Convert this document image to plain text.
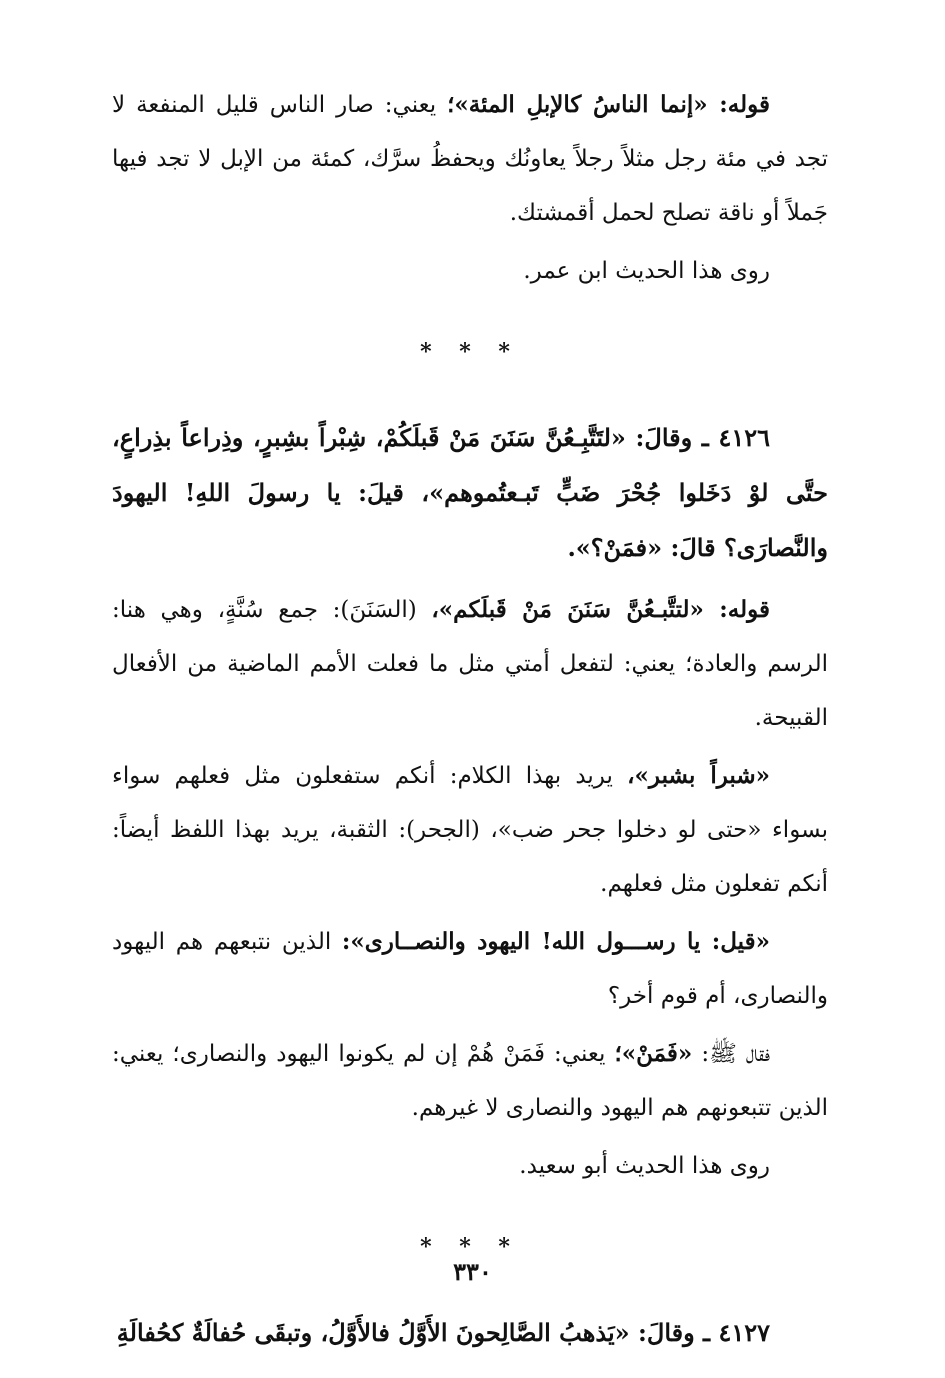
قوله: «إنما الناسُ كالإبلِ المئة»؛ يعني: صار الناس قليل المنفعة لا تجد في مئة رجل مثلاً رجلاً يعاونُك ويحفظُ سرَّك، كمئة من الإبل لا تجد فيها جَملاً أو ناقة تصلح لحمل أقمشتك.

روى هذا الحديث ابن عمر.

* * *

٤١٢٦ ـ وقالَ: «لتَتَّبِـعُنَّ سَنَنَ مَنْ قَبلَكُمْ، شِبْراً بشِبرٍ، وذِراعاً بذِراعٍ، حتَّى لوْ دَخَلوا جُحْرَ ضَبٍّ تَبـعتُموهم»، قيلَ: يا رسولَ اللهِ! اليهودَ والنَّصارَى؟ قالَ: «فمَنْ؟».

قوله: «لتتَّبـعُنَّ سَنَنَ مَنْ قَبلَكم»، (السَنَنَ): جمع سُنَّةٍ، وهي هنا: الرسم والعادة؛ يعني: لتفعل أمتي مثل ما فعلت الأمم الماضية من الأفعال القبيحة.

«شبراً بشبر»، يريد بهذا الكلام: أنكم ستفعلون مثل فعلهم سواء بسواء «حتى لو دخلوا جحر ضب»، (الجحر): الثقبة، يريد بهذا اللفظ أيضاً: أنكم تفعلون مثل فعلهم.

«قيل: يا رســـول الله! اليهود والنصــارى»: الذين نتبعهم هم اليهود والنصارى، أم قوم أخر؟

فقال ﷺ: «فَمَنْ»؛ يعني: فَمَنْ هُمْ إن لم يكونوا اليهود والنصارى؛ يعني: الذين تتبعونهم هم اليهود والنصارى لا غيرهم.

روى هذا الحديث أبو سعيد.

* * *

٤١٢٧ ـ وقالَ: «يَذهبُ الصَّالِحونَ الأَوَّلُ فالأَوَّلُ، وتبقَى حُفالَةٌ كحُفالَةِ

٣٣٠
